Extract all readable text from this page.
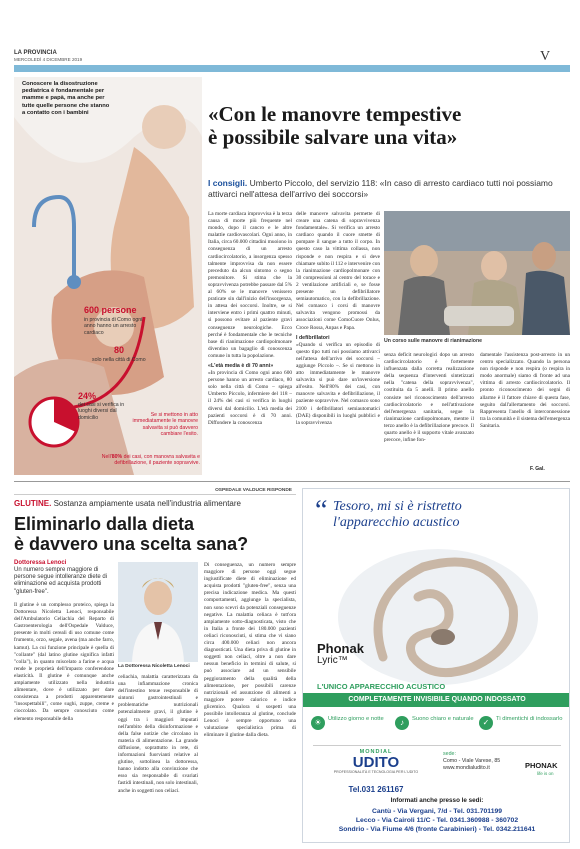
LA PROVINCIA
MERCOLEDÌ 4 DICEMBRE 2019	V
Conoscere la disostruzione pediatrica è fondamentale per mamme e papà, ma anche per tutte quelle persone che stanno a contatto con i bambini
600 persone
in provincia di Como ogni anno hanno un arresto cardiaco
80
solo nella città di Como
24%
dei casi si verifica in luoghi diversi dal domicilio	Se si mettono in atto immediatamente le manovre salvavita si può davvero cambiare l'esito.
Nell'80% dei casi, con manovra salvavita e defibrillazione, il paziente sopravvive.
«Con le manovre tempestive
è possibile salvare una vita»
I consigli. Umberto Piccolo, del servizio 118: «In caso di arresto cardiaco tutti noi possiamo attivarci nell'attesa dell'arrivo dei soccorsi»
La morte cardiaca improvvisa è la terza causa di morte più frequente nel mondo, dopo il cancro e le altre malattie cardiovascolari. Ogni anno, in Italia, circa 60.000 cittadini muoiono in conseguenza di un arresto cardiocircolatorio, a insorgenza spesso talmente improvvisa da non essere preceduto da alcun sintomo o segno premonitore. Si stima che la sopravvivenza potrebbe passare dal 5% al 60% se le manovre venissero praticate sin dall'inizio dell'insorgenza, in attesa dei soccorsi. Inoltre, se si interviene entro i primi quattro minuti, si possono evitare al paziente gravi conseguenze neurologiche. Ecco perché è fondamentale che le tecniche base di rianimazione cardiopolmonare diventino un bagaglio di conoscenza comune in tutta la popolazione.
«L'età media è di 70 anni»
«In provincia di Como ogni anno 600 persone hanno un arresto cardiaco, 80 solo nella città di Como – spiega Umberto Piccolo, infermiere del 118 – il 24% dei casi si verifica in luoghi diversi dal domicilio. L'età media dei pazienti soccorsi è di 70 anni. Diffondere la conoscenza
delle manovre salvavita permette di creare una catena di sopravvivenza fondamentale». Si verifica un arresto cardiaco quando il cuore smette di pompare il sangue a tutto il corpo. In questo caso la vittima collassa, non risponde e non respira e si deve chiamare subito il 112 e intervenire con la rianimazione cardiopolmonare con 30 compressioni al centro del torace e 2 ventilazione artificiali e, se fosse presente un defibrillatore semiautomatico, con la defibrillazione. Nel comasco i corsi di manovre salvavita vengono promossi da associazioni come ComoCuore Onlus, Croce Rossa, Anpas e Papa.
I defibrillatori
«Quando si verifica un episodio di questo tipo tutti noi possiamo attivarci nell'attesa dell'arrivo dei soccorsi – aggiunge Piccolo –. Se si mettono in atto immediatamente le manovre salvavita si può dare un'inversione all'esito. Nell'80% dei casi, con manovre salvavita e defibrillazione, il paziente sopravvive. Nel comasco sono 2100 i defibrillatori semiautomatici (DAE) disponibili in luoghi pubblici e la sopravvivenza
Un corso sulle manovre di rianimazione
senza deficit neurologici dopo un arresto cardiocircolatorio è fortemente influenzata dalla corretta realizzazione della sequenza d'interventi sintetizzati nella "catena della sopravvivenza", costituita da 5 anelli. Il primo anello consiste nel riconoscimento dell'arresto cardiocircolatorio e nell'attivazione dell'emergenza sanitaria, segue la rianimazione cardiopolmonare, mentre il terzo anello è la defibrillazione precoce. Il quarto anello è il supporto vitale avanzato precoce, infine fon-
damentale l'assistenza post-arresto in un centro specializzato. Quando la persona non risponde e non respira (o respira in modo anormale) siamo di fronte ad una vittima di arresto cardiocircolatorio. Il pronto riconoscimento dei segni di allarme è il fattore chiave di questa fase, seguito dall'allertamento dei soccorsi. Rappresenta l'anello di interconnessione tra la comunità e il sistema dell'emergenza Sanitaria.
F. Gal.
OSPEDALE VALDUCE RISPONDE
GLUTINE. Sostanza ampiamente usata nell'industria alimentare
Eliminarlo dalla dieta
è davvero una scelta sana?
Dottoressa Lenoci
Un numero sempre maggiore di persone segue intolleranze diete di eliminazione ed acquista prodotti "gluten-free".
Il glutine è un complesso proteico, spiega la Dottoressa Nicoletta Lenoci, responsabile dell'Ambulatorio Celiachia del Reparto di Gastroenterologia dell'Ospedale Valduce, presente in molti cereali di uso comune come frumento, orzo, segale, avena (ma anche farro, kamut). La cui funzione principale è quella di "collante" (dal latino glutine significa infatti "colla"), in quanto miscelato a farine e acqua rende le proprietà dell'impasto conferendone elasticità. Il glutine è comunque anche ampiamente utilizzato nella industria alimentare, dove è utilizzato per dare consistenza a prodotti apparentemente "insospettabili", come sughi, zuppe, creme e cioccolato. Da sempre conosciuto come elemento responsabile della
La Dottoressa Nicoletta Lenoci
celiachia, malattia caratterizzata da una infiammazione cronica dell'intestino tenue responsabile di sintomi gastrointestinali e problematiche nutrizionali potenzialmente gravi, il glutine è oggi tra i maggiori imputati nell'ambito della disinformazione e della false notizie che circolano in materia di alimentazione. La grande diffusione, soprattutto in rete, di informazioni fuorvianti relative al glutine, sottolinea la dottoressa, hanno indotto alla convinzione che esso sia responsabile di svariati fastidi intestinali, non solo intestinali, anche in soggetti non celiaci.
Di conseguenza, un numero sempre maggiore di persone oggi segue ingiustificate diete di eliminazione ed acquista prodotti "gluten-free", senza una precisa indicazione medica. Ma questi comportamenti, aggiunge la specialista, non sono scevri da potenziali conseguenze negative. La malattia celiaca è tutt'ora ampiamente sotto-diagnosticata, visto che in Italia a fronte dei 180.000 pazienti celiaci riconosciuti, si stima che vi siano circa 400.000 celiaci non ancora diagnosticati. Una dieta priva di glutine in soggetti non celiaci, oltre a non dare nessun beneficio in termini di salute, si può associare ad un sensibile peggioramento della qualità della alimentazione, per possibili carenze nutrizionali ed assunzione di alimenti a maggiore potere calorico e indice glicemico. Qualora si sospetti una possibile intolleranza al glutine, conclude Lenoci è sempre opportuno una valutazione specialistica prima di eliminare il glutine dalla dieta.
Tesoro, mi si è ristretto
l'apparecchio acustico
“
Phonak
Lyric™
L'UNICO APPARECCHIO ACUSTICO
COMPLETAMENTE INVISIBILE QUANDO INDOSSATO
☀	Utilizzo giorno e notte	♪	Suono chiaro e naturale	✓	Ti dimentichi di indossarlo
MONDIAL
UDITO
PROFESSIONALITÀ E TECNOLOGIA PER L'UDITO
Tel.031 261167
sede:
Como - Viale Varese, 85
www.mondialudito.it	PHONAK
life is on
Informati anche presso le sedi:
Cantù - Via Vergani, 7/d - Tel. 031.701199
Lecco - Via Cairoli 11/C - Tel. 0341.360988 - 360702
Sondrio - Via Fiume 4/6 (fronte Carabinieri) - Tel. 0342.211641
